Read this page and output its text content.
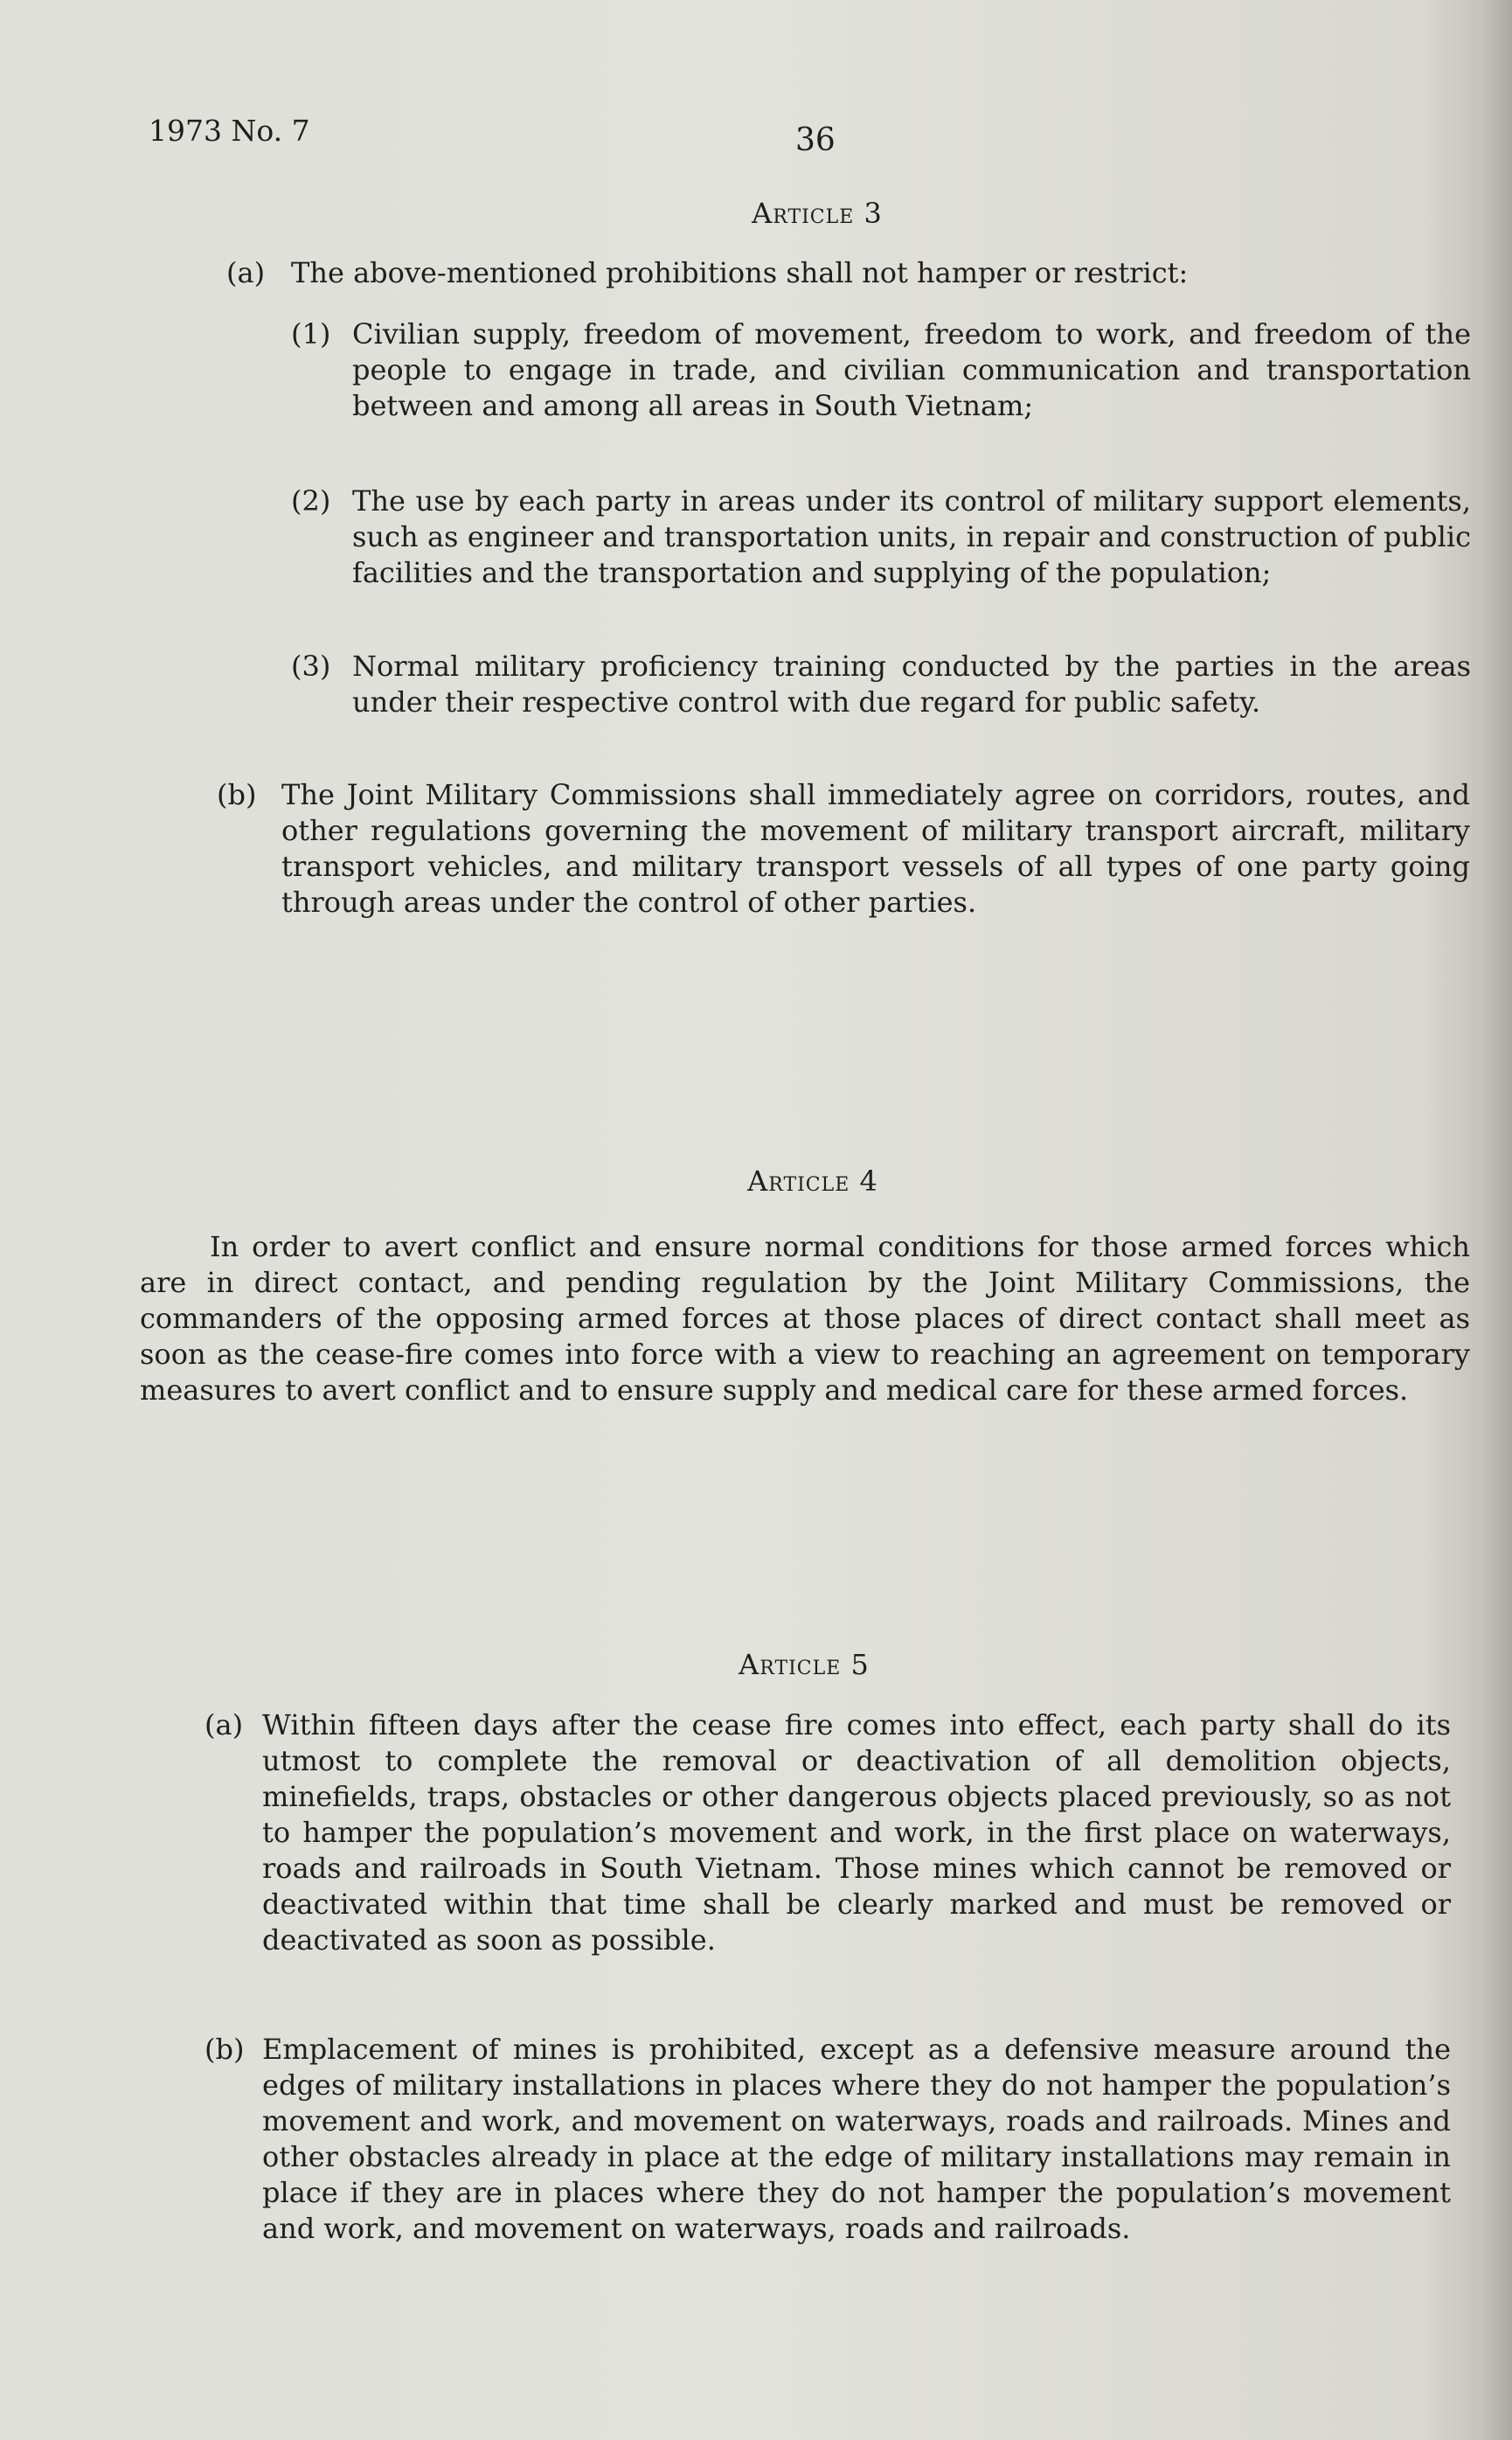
1973 No. 7	36
Article 3
(a) The above-mentioned prohibitions shall not hamper or restrict:
(1) Civilian supply, freedom of movement, freedom to work, and freedom of the people to engage in trade, and civilian communication and transportation between and among all areas in South Vietnam;
(2) The use by each party in areas under its control of military support elements, such as engineer and transportation units, in repair and construction of public facilities and the transportation and supplying of the population;
(3) Normal military proficiency training conducted by the parties in the areas under their respective control with due regard for public safety.
(b) The Joint Military Commissions shall immediately agree on corridors, routes, and other regulations governing the movement of military transport aircraft, military transport vehicles, and military transport vessels of all types of one party going through areas under the control of other parties.
Article 4
In order to avert conflict and ensure normal conditions for those armed forces which are in direct contact, and pending regulation by the Joint Military Commissions, the commanders of the opposing armed forces at those places of direct contact shall meet as soon as the cease-fire comes into force with a view to reaching an agreement on temporary measures to avert conflict and to ensure supply and medical care for these armed forces.
Article 5
(a) Within fifteen days after the cease fire comes into effect, each party shall do its utmost to complete the removal or deactivation of all demolition objects, minefields, traps, obstacles or other dangerous objects placed previously, so as not to hamper the population’s movement and work, in the first place on waterways, roads and railroads in South Vietnam. Those mines which cannot be removed or deactivated within that time shall be clearly marked and must be removed or deactivated as soon as possible.
(b) Emplacement of mines is prohibited, except as a defensive measure around the edges of military installations in places where they do not hamper the population’s movement and work, and movement on waterways, roads and railroads. Mines and other obstacles already in place at the edge of military installations may remain in place if they are in places where they do not hamper the population’s movement and work, and movement on waterways, roads and railroads.
